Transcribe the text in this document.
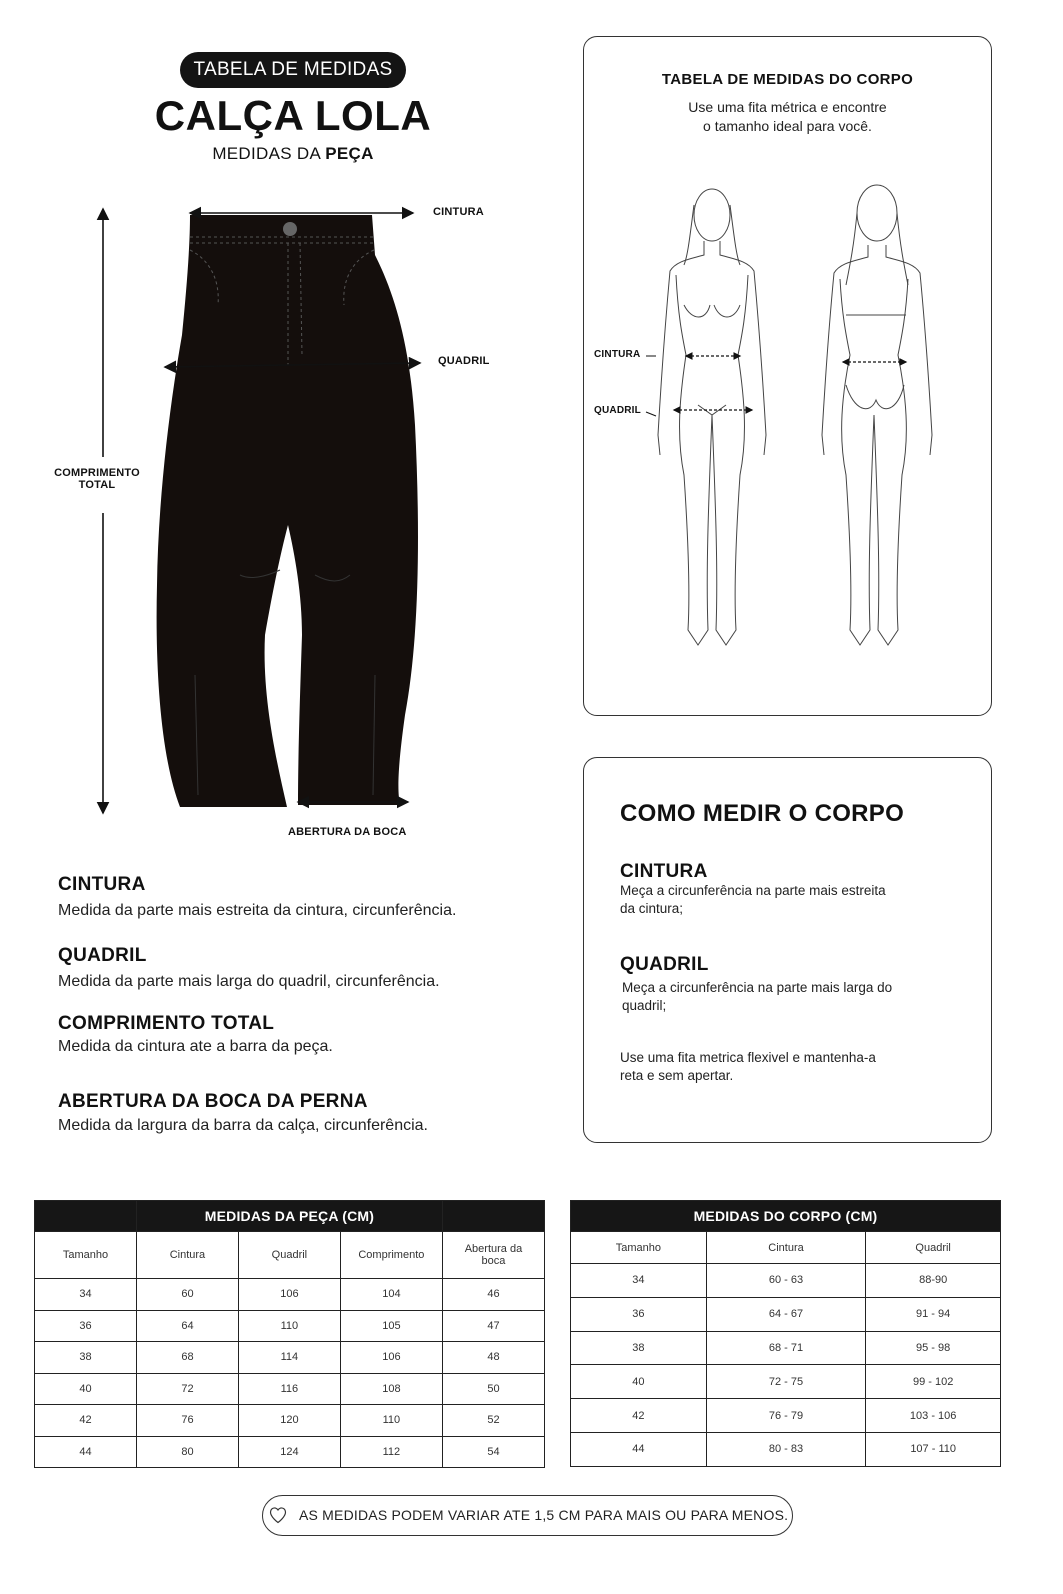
TABELA DE MEDIDAS
CALÇA LOLA
MEDIDAS DA PEÇA
CINTURA
QUADRIL
COMPRIMENTO
TOTAL
ABERTURA DA BOCA
CINTURA
Medida da parte mais estreita da cintura, circunferência.
QUADRIL
Medida da parte mais larga do quadril, circunferência.
COMPRIMENTO TOTAL
Medida da cintura ate a barra da peça.
ABERTURA DA BOCA DA PERNA
Medida da largura da barra da calça, circunferência.
TABELA DE MEDIDAS DO CORPO
Use uma fita métrica e encontre
o tamanho ideal para você.
CINTURA
QUADRIL
COMO MEDIR O CORPO
CINTURA
Meça a circunferência na parte mais estreita
da cintura;
QUADRIL
Meça a circunferência na parte mais larga do
quadril;
Use uma fita metrica flexivel e mantenha-a
reta e sem apertar.
	MEDIDAS DA PEÇA (CM)			
Tamanho	Cintura	Quadril	Comprimento	Abertura da boca
34	60	106	104	46
36	64	110	105	47
38	68	114	106	48
40	72	116	108	50
42	76	120	110	52
44	80	124	112	54
MEDIDAS DO CORPO (CM)		
Tamanho	Cintura	Quadril
34	60 - 63	88-90
36	64 - 67	91 - 94
38	68 - 71	95 - 98
40	72 - 75	99 - 102
42	76 - 79	103 - 106
44	80 - 83	107 - 110
AS MEDIDAS PODEM VARIAR ATE 1,5 CM PARA MAIS OU PARA MENOS.
